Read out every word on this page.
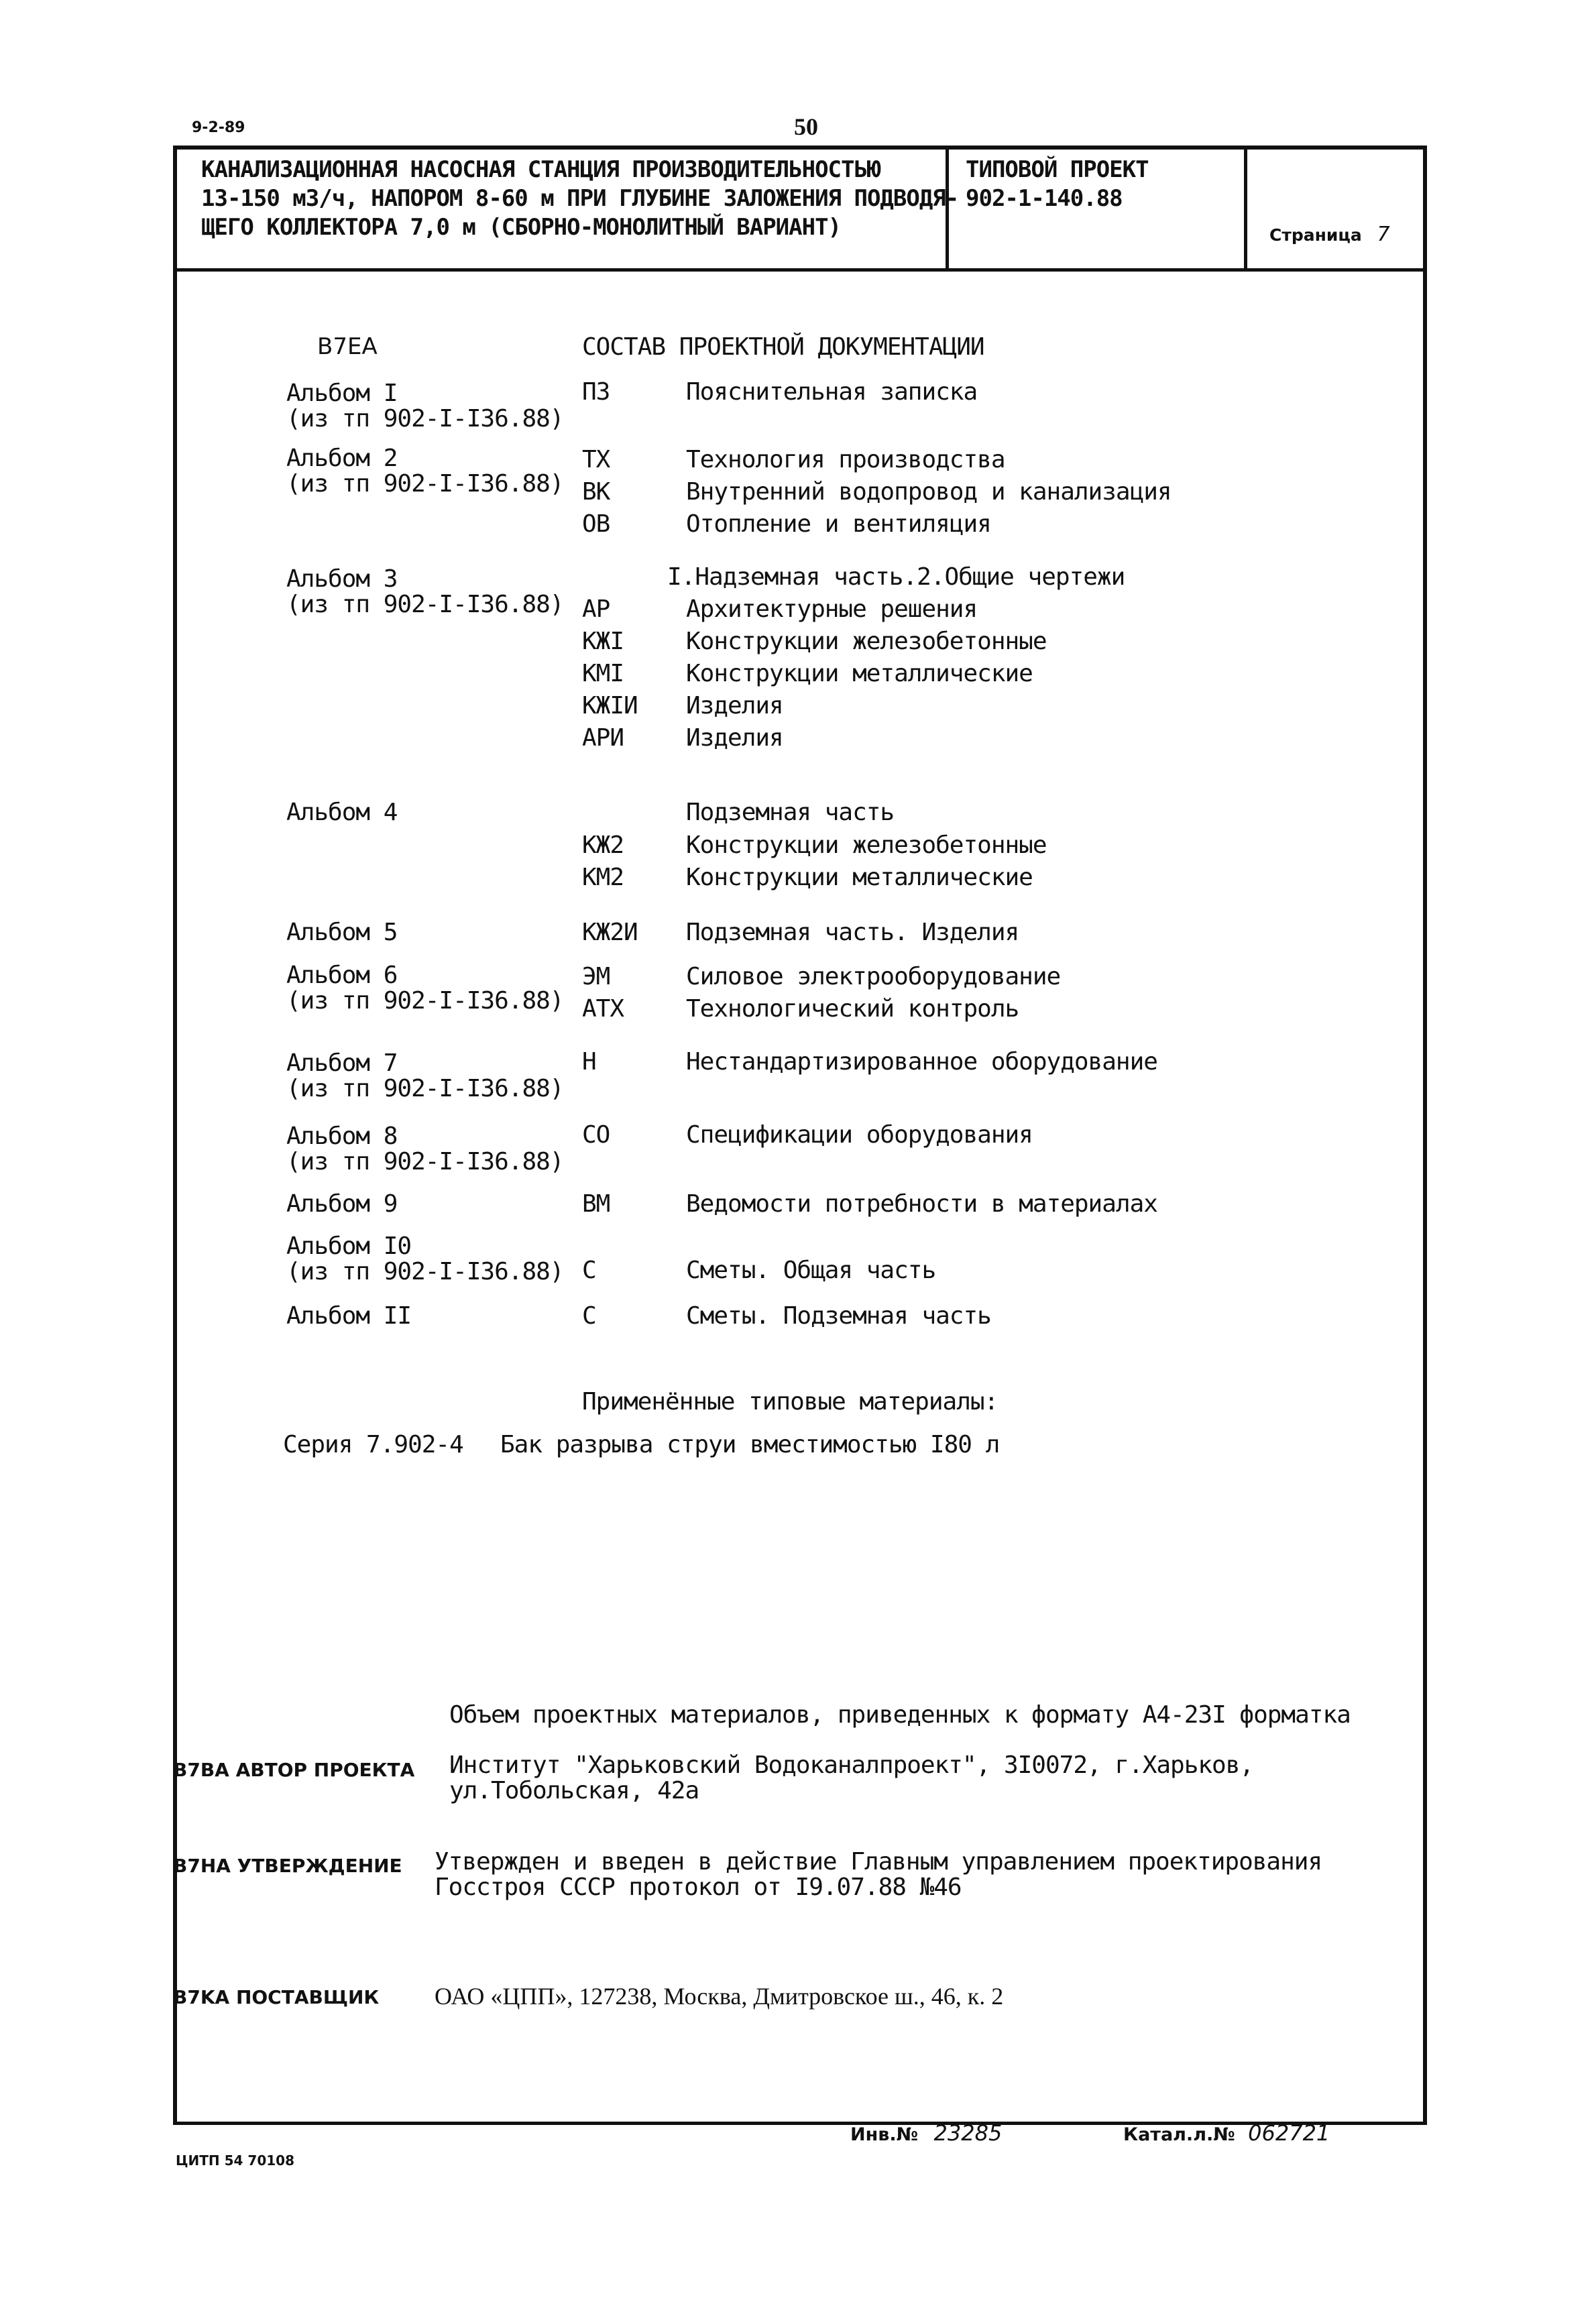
9-2-89	50
КАНАЛИЗАЦИОННАЯ НАСОСНАЯ СТАНЦИЯ ПРОИЗВОДИТЕЛЬНОСТЬЮ
13-150 м3/ч, НАПОРОМ 8-60 м ПРИ ГЛУБИНЕ ЗАЛОЖЕНИЯ ПОДВОДЯ-
ЩЕГО КОЛЛЕКТОРА 7,0 м (СБОРНО-МОНОЛИТНЫЙ ВАРИАНТ)
ТИПОВОЙ ПРОЕКТ
902-1-140.88
Страница 7
B7EA	СОСТАВ ПРОЕКТНОЙ ДОКУМЕНТАЦИИ
Альбом I
(из тп 902-I-I36.88)
ПЗ	Пояснительная записка
Альбом 2
(из тп 902-I-I36.88)
ТХ	Технология производства
ВК	Внутренний водопровод и канализация
ОВ	Отопление и вентиляция
Альбом 3
(из тп 902-I-I36.88)
I.Надземная часть.2.Общие чертежи
АР	Архитектурные решения
КЖI	Конструкции железобетонные
КМI	Конструкции металлические
КЖIИ Изделия
АРИ	Изделия
Альбом 4	Подземная часть
КЖ2	Конструкции железобетонные
КМ2	Конструкции металлические
Альбом 5	КЖ2И Подземная часть. Изделия
Альбом 6
(из тп 902-I-I36.88)
ЭМ	Силовое электрооборудование
АТХ	Технологический контроль
Альбом 7
(из тп 902-I-I36.88)
Н	Нестандартизированное оборудование
Альбом 8
(из тп 902-I-I36.88)
СО	Спецификации оборудования
Альбом 9	ВМ	Ведомости потребности в материалах
Альбом I0
(из тп 902-I-I36.88) С	Сметы. Общая часть
Альбом II	С	Сметы. Подземная часть
Применённые типовые материалы:
Серия 7.902-4 Бак разрыва струи вместимостью I80 л
Объем проектных материалов, приведенных к формату А4-23I форматка
B7BA АВТОР ПРОЕКТА Институт "Харьковский Водоканалпроект", 3I0072, г.Харьков,
ул.Тобольская, 42а
B7HA УТВЕРЖДЕНИЕ Утвержден и введен в действие Главным управлением проектирования
Госстроя СССР протокол от I9.07.88 №46
B7KA ПОСТАВЩИК ОАО «ЦПП», 127238, Москва, Дмитровское ш., 46, к. 2
Инв.№ 23285	Катал.л.№ 062721
ЦИТП 54 70108
